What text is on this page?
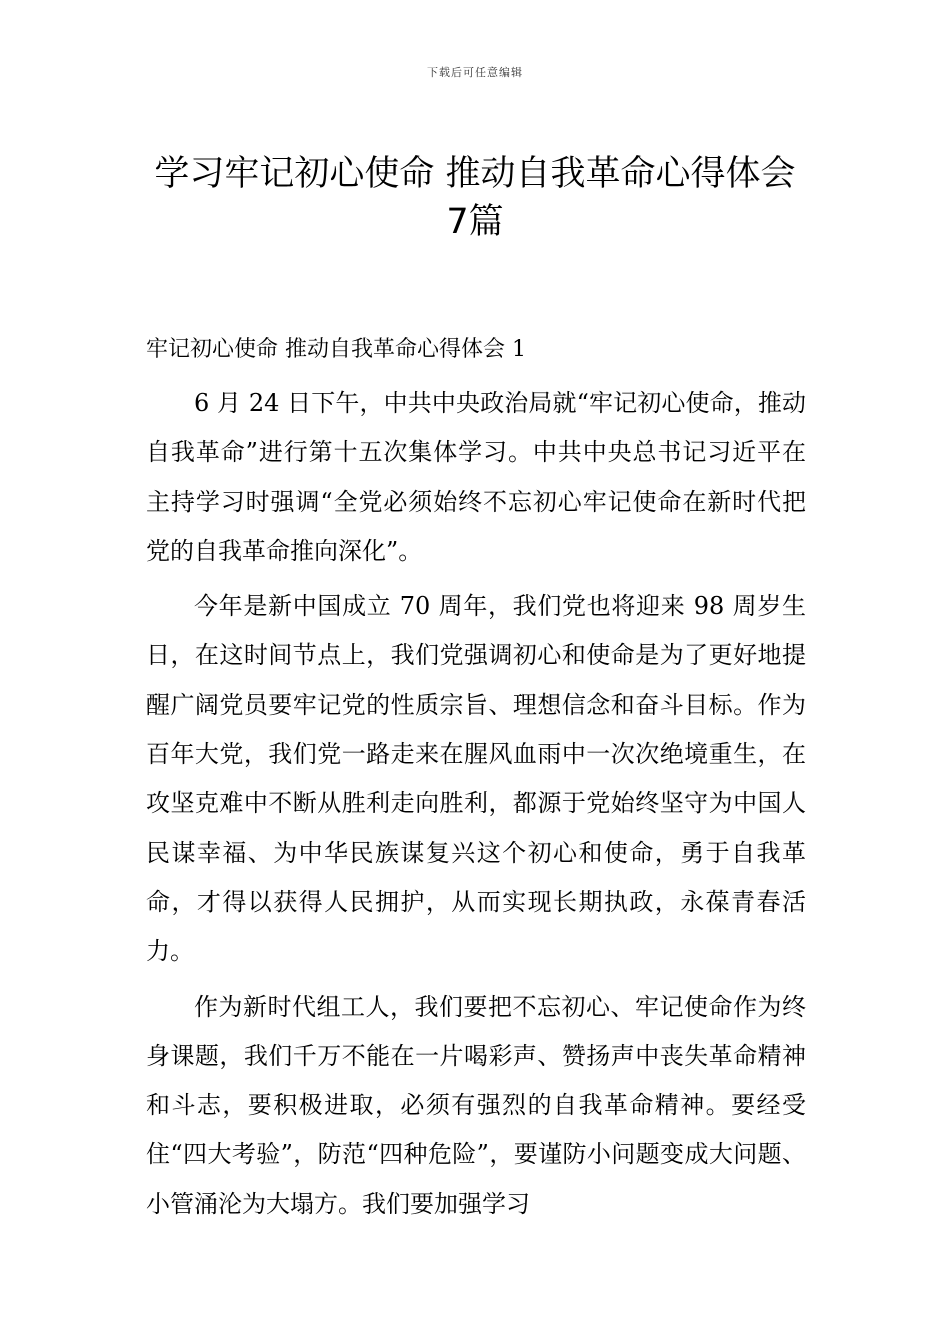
下载后可任意编辑
学习牢记初心使命 推动自我革命心得体会
7篇

牢记初心使命 推动自我革命心得体会 1

6 月 24 日下午，中共中央政治局就“牢记初心使命，推动自我革命”进行第十五次集体学习。中共中央总书记习近平在主持学习时强调“全党必须始终不忘初心牢记使命在新时代把党的自我革命推向深化”。

今年是新中国成立 70 周年，我们党也将迎来 98 周岁生日，在这时间节点上，我们党强调初心和使命是为了更好地提醒广阔党员要牢记党的性质宗旨、理想信念和奋斗目标。作为百年大党，我们党一路走来在腥风血雨中一次次绝境重生，在攻坚克难中不断从胜利走向胜利，都源于党始终坚守为中国人民谋幸福、为中华民族谋复兴这个初心和使命，勇于自我革命，才得以获得人民拥护，从而实现长期执政，永葆青春活力。

作为新时代组工人，我们要把不忘初心、牢记使命作为终身课题，我们千万不能在一片喝彩声、赞扬声中丧失革命精神和斗志，要积极进取，必须有强烈的自我革命精神。要经受住“四大考验”，防范“四种危险”，要谨防小问题变成大问题、小管涌沦为大塌方。我们要加强学习
